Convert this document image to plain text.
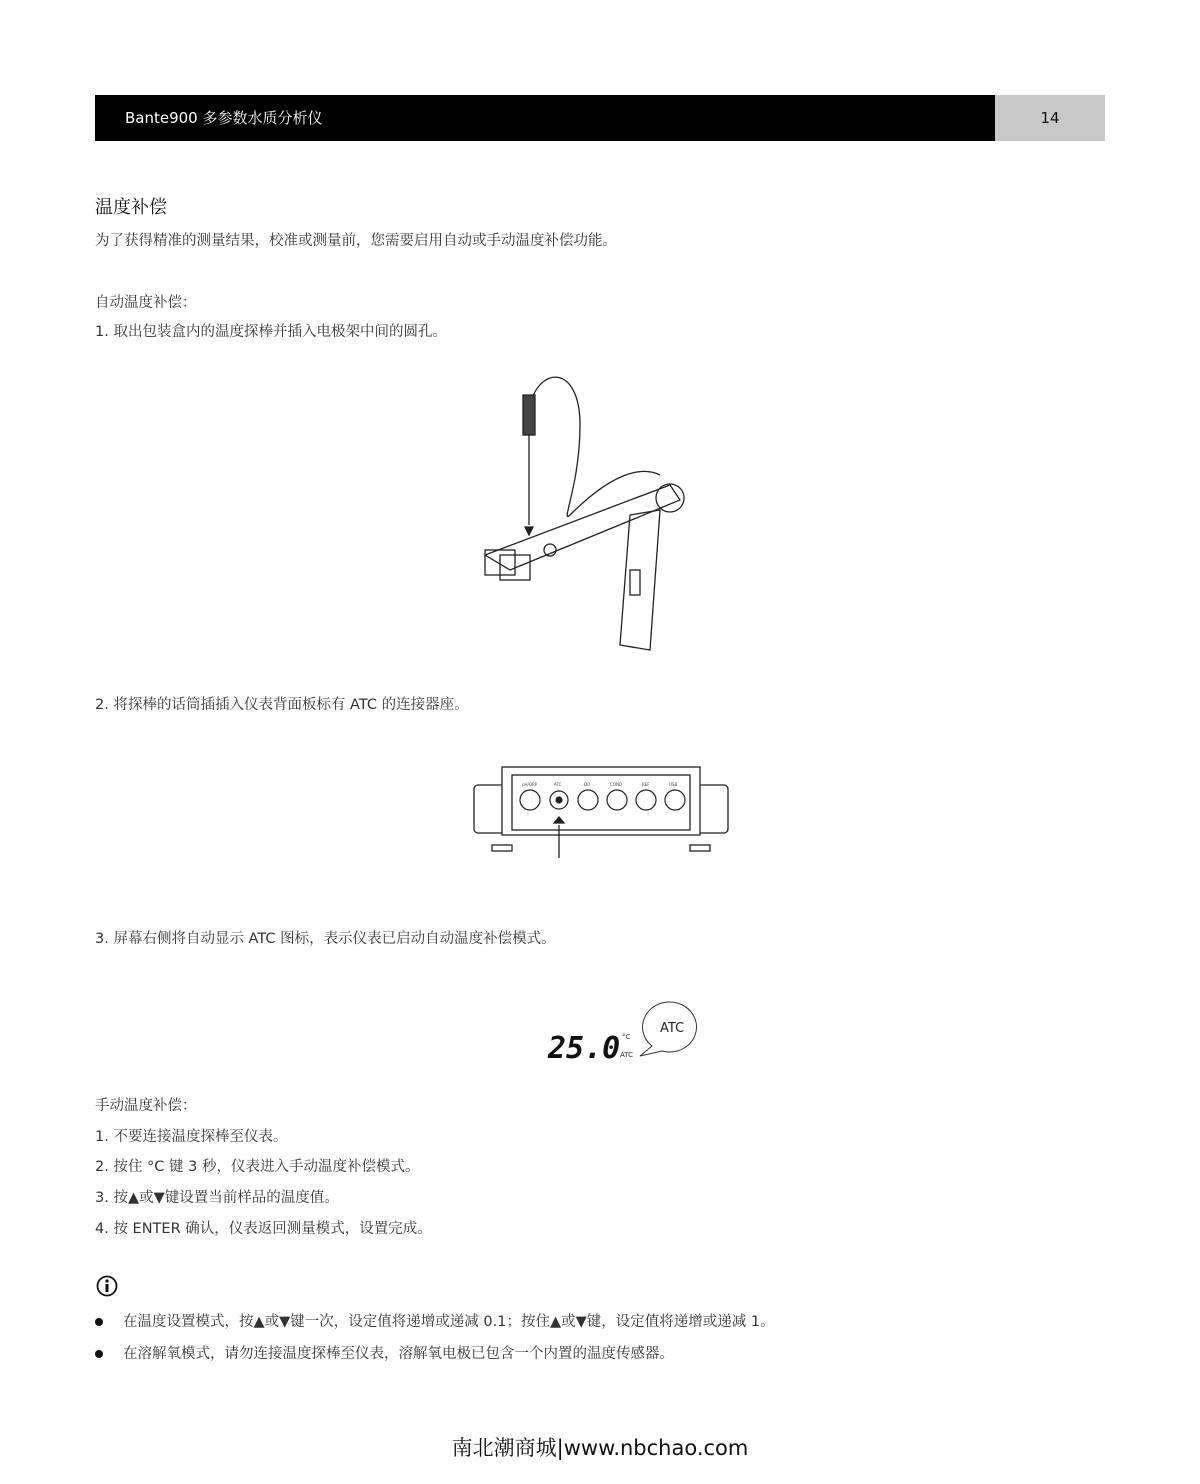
Bante900 多参数水质分析仪	14
温度补偿
为了获得精准的测量结果，校准或测量前，您需要启用自动或手动温度补偿功能。
自动温度补偿：
1. 取出包装盒内的温度探棒并插入电极架中间的圆孔。
2. 将探棒的话筒插插入仪表背面板标有 ATC 的连接器座。
pH/ORP	ATC	DO	COND	REF	USB
3. 屏幕右侧将自动显示 ATC 图标，表示仪表已启动自动温度补偿模式。
25.0 °C
ATC
ATC
手动温度补偿：
1. 不要连接温度探棒至仪表。
2. 按住 °C 键 3 秒，仪表进入手动温度补偿模式。
3. 按▲或▼键设置当前样品的温度值。
4. 按 ENTER 确认，仪表返回测量模式，设置完成。
在温度设置模式，按▲或▼键一次，设定值将递增或递减 0.1；按住▲或▼键，设定值将递增或递减 1。
在溶解氧模式，请勿连接温度探棒至仪表，溶解氧电极已包含一个内置的温度传感器。
南北潮商城|www.nbchao.com
